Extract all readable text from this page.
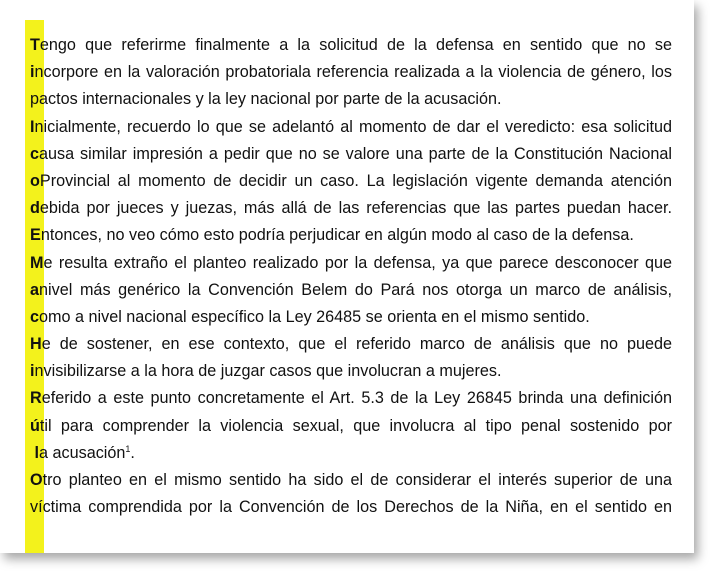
T engo que referirme finalmente a la solicitud de la defensa en sentido que no se
i ncorpore en la valoración probatoriala referencia realizada a la violencia de género, los
pactos internacionales y la ley nacional por parte de la acusación.
I nicialmente, recuerdo lo que se adelantó al momento de dar el veredicto: esa solicitud
c ausa similar impresión a pedir que no se valore una parte de la Constitución Nacional
o Provincial al momento de decidir un caso. La legislación vigente demanda atención
d ebida por jueces y juezas, más allá de las referencias que las partes puedan hacer.
E ntonces, no veo cómo esto podría perjudicar en algún modo al caso de la defensa.
M e resulta extraño el planteo realizado por la defensa, ya que parece desconocer que
a nivel más genérico la Convención Belem do Pará nos otorga un marco de análisis,
c omo a nivel nacional específico la Ley 26485 se orienta en el mismo sentido.
H e de sostener, en ese contexto, que el referido marco de análisis que no puede
i nvisibilizarse a la hora de juzgar casos que involucran a mujeres.
R eferido a este punto concretamente el Art. 5.3 de la Ley 26845 brinda una definición
ú til para comprender la violencia sexual, que involucra al tipo penal sostenido por
l a acusación$^1$.
O tro planteo en el mismo sentido ha sido el de considerar el interés superior de una
víctima comprendida por la Convención de los Derechos de la Niña, en el sentido en
